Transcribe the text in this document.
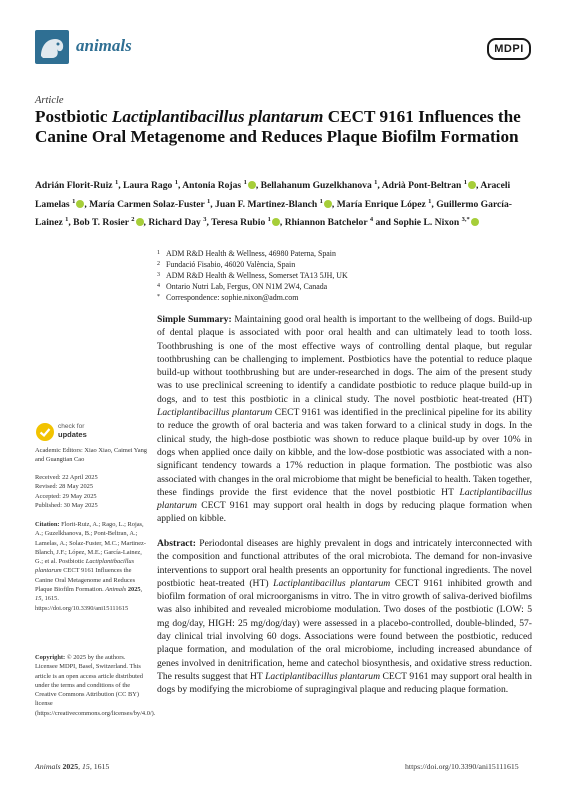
animals	MDPI
Article
Postbiotic Lactiplantibacillus plantarum CECT 9161 Influences the Canine Oral Metagenome and Reduces Plaque Biofilm Formation
Adrián Florit-Ruiz $^1$, Laura Rago $^1$, Antonia Rojas $^1$ , Bellahanum Guzelkhanova $^1$, Adrià Pont-Beltran $^1$ , Araceli Lamelas $^1$ , María Carmen Solaz-Fuster $^1$, Juan F. Martinez-Blanch $^1$ , María Enrique López $^1$, Guillermo García-Lainez $^1$, Bob T. Rosier $^2$ , Richard Day $^3$, Teresa Rubio $^1$ , Rhiannon Batchelor $^4$ and Sophie L. Nixon $^{3,*}$
1 ADM R&D Health & Wellness, 46980 Paterna, Spain
2 Fundació Fisabio, 46020 València, Spain
3 ADM R&D Health & Wellness, Somerset TA13 5JH, UK
4 Ontario Nutri Lab, Fergus, ON N1M 2W4, Canada
* Correspondence: sophie.nixon@adm.com
Simple Summary: Maintaining good oral health is important to the wellbeing of dogs. Build-up of dental plaque is associated with poor oral health and can ultimately lead to tooth loss. Toothbrushing is one of the most effective ways of controlling dental plaque, but regular toothbrushing can be challenging to implement. Postbiotics have the potential to reduce plaque build-up without toothbrushing but are under-researched in dogs. The aim of the present study was to use preclinical screening to identify a candidate postbiotic to reduce plaque build-up in dogs, and to test this postbiotic in a clinical study. The novel postbiotic heat-treated (HT) Lactiplantibacillus plantarum CECT 9161 was identified in the preclinical pipeline for its ability to reduce the growth of oral bacteria and was taken forward to a clinical study in dogs. In the clinical study, the high-dose postbiotic was shown to reduce plaque build-up by over 10% in dogs when applied once daily on kibble, and the low-dose postbiotic was associated with a non-significant tendency towards a 17% reduction in plaque formation. The postbiotic was also associated with changes in the oral microbiome that might be beneficial to health. Taken together, these findings provide the first evidence that the novel postbiotic HT Lactiplantibacillus plantarum CECT 9161 may support oral health in dogs by reducing plaque formation when applied on kibble.
Abstract: Periodontal diseases are highly prevalent in dogs and intricately interconnected with the composition and functional attributes of the oral microbiota. The demand for non-invasive interventions to support oral health presents an opportunity for functional ingredients. The novel postbiotic heat-treated (HT) Lactiplantibacillus plantarum CECT 9161 inhibited growth and biofilm formation of oral microorganisms in vitro. The in vitro growth of saliva-derived biofilms was also inhibited and revealed microbiome modulation. Two doses of the postbiotic (LOW: 5 mg dog/day, HIGH: 25 mg/dog/day) were assessed in a placebo-controlled, double-blinded, 57-day clinical trial involving 60 dogs. Associations were found between the postbiotic, reduced plaque formation, and modulation of the oral microbiome, including increased abundance of genes involved in denitrification, heme and catechol biosynthesis, and oxidative stress reduction. The results suggest that HT Lactiplantibacillus plantarum CECT 9161 may support oral health in dogs by modifying the microbiome of supragingival plaque and reducing plaque formation.
check for
updates
Academic Editors: Xiao Xiao, Caimei Yang and Guangtian Cao
Received: 22 April 2025
Revised: 28 May 2025
Accepted: 29 May 2025
Published: 30 May 2025
Citation: Florit-Ruiz, A.; Rago, L.; Rojas, A.; Guzelkhanova, B.; Pont-Beltran, A.; Lamelas, A.; Solaz-Fuster, M.C.; Martinez-Blanch, J.F.; López, M.E.; García-Lainez, G.; et al. Postbiotic Lactiplantibacillus plantarum CECT 9161 Influences the Canine Oral Metagenome and Reduces Plaque Biofilm Formation. Animals 2025, 15, 1615. https://doi.org/10.3390/ani15111615
Copyright: © 2025 by the authors. Licensee MDPI, Basel, Switzerland. This article is an open access article distributed under the terms and conditions of the Creative Commons Attribution (CC BY) license (https://creativecommons.org/licenses/by/4.0/).
Animals 2025, 15, 1615	https://doi.org/10.3390/ani15111615
